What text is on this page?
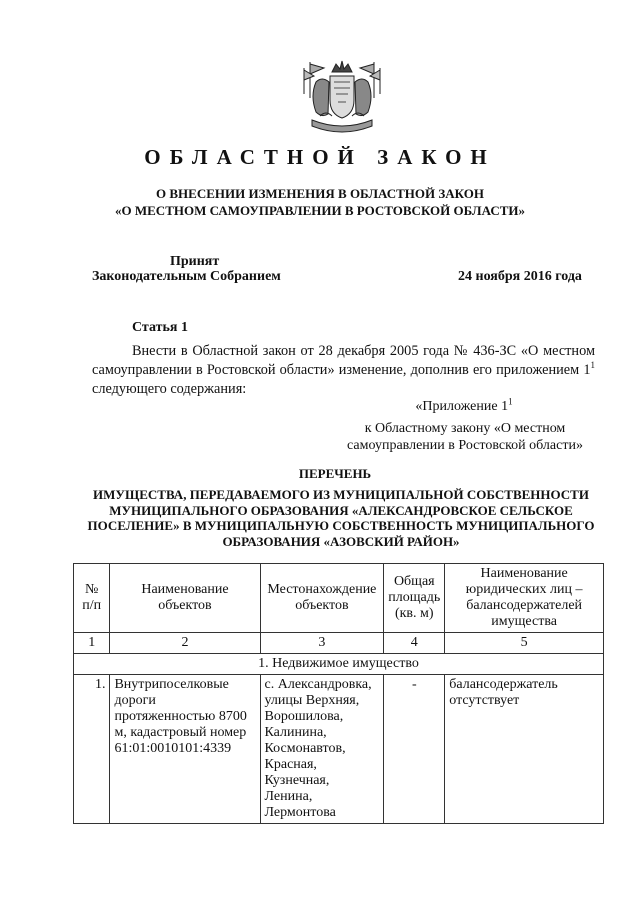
ОБЛАСТНОЙ ЗАКОН
О ВНЕСЕНИИ ИЗМЕНЕНИЯ В ОБЛАСТНОЙ ЗАКОН
«О МЕСТНОМ САМОУПРАВЛЕНИИ В РОСТОВСКОЙ ОБЛАСТИ»
Принят
Законодательным Собранием	24 ноября 2016 года
Статья 1
Внести в Областной закон от 28 декабря 2005 года № 436-ЗС «О местном самоуправлении в Ростовской области» изменение, дополнив его приложением $1^1$ следующего содержания:
«Приложение $1^1$
к Областному закону «О местном
самоуправлении в Ростовской области»
ПЕРЕЧЕНЬ
ИМУЩЕСТВА, ПЕРЕДАВАЕМОГО ИЗ МУНИЦИПАЛЬНОЙ СОБСТВЕННОСТИ МУНИЦИПАЛЬНОГО ОБРАЗОВАНИЯ «АЛЕКСАНДРОВСКОЕ СЕЛЬСКОЕ ПОСЕЛЕНИЕ» В МУНИЦИПАЛЬНУЮ СОБСТВЕННОСТЬ МУНИЦИПАЛЬНОГО ОБРАЗОВАНИЯ «АЗОВСКИЙ РАЙОН»
№ п/п	Наименование объектов	Местонахождение объектов	Общая площадь (кв. м)	Наименование юридических лиц – балансодержателей имущества
1	2	3	4	5
1. Недвижимое имущество				
1.	Внутрипоселковые дороги протяженностью 8700 м, кадастровый номер 61:01:0010101:4339	с. Александровка, улицы Верхняя, Ворошилова, Калинина, Космонавтов, Красная, Кузнечная, Ленина, Лермонтова	-	балансодержатель отсутствует
